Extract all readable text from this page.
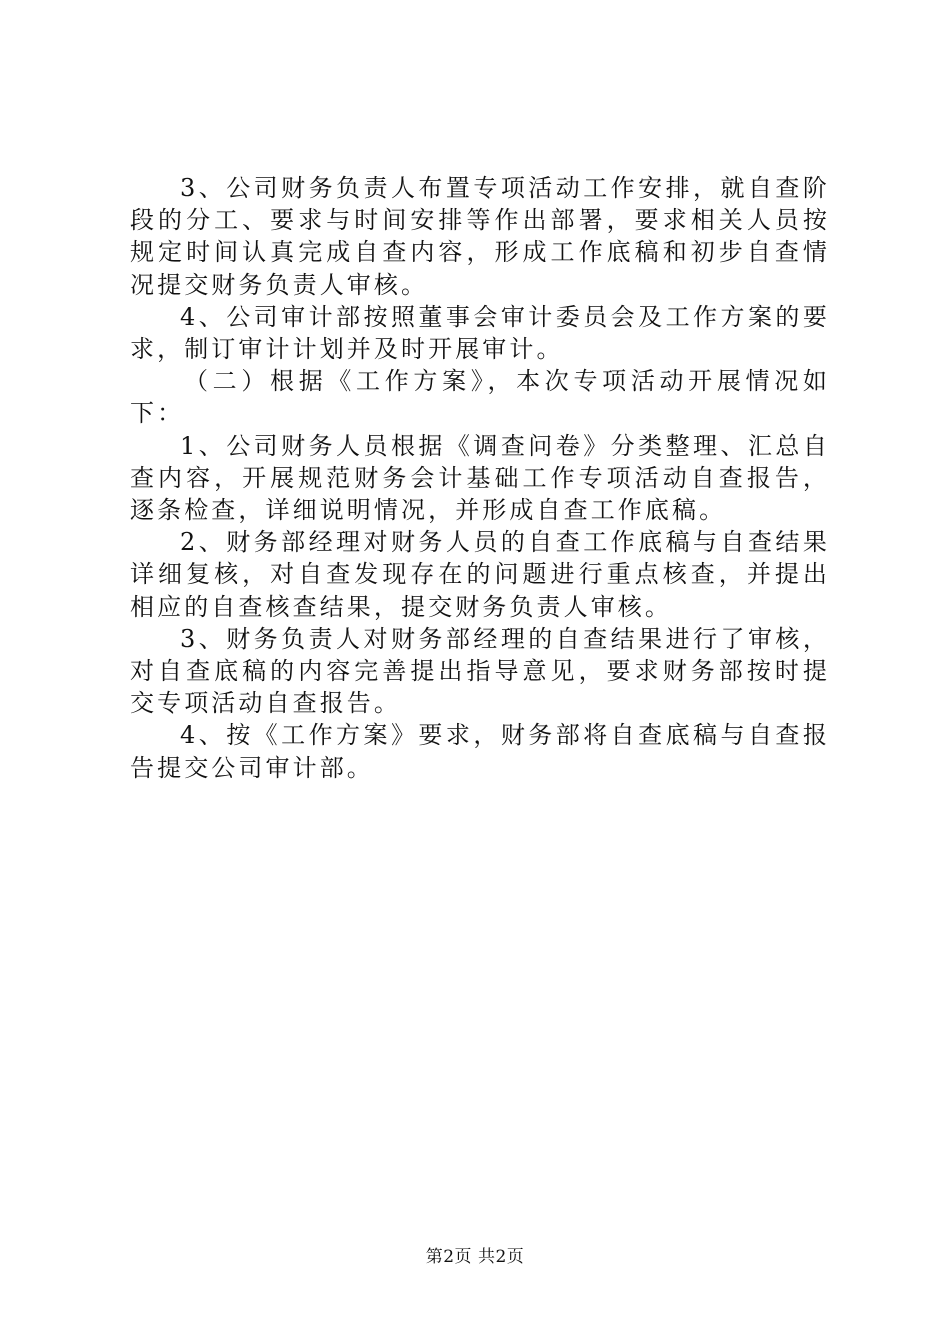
3、公司财务负责人布置专项活动工作安排，就自查阶段的分工、要求与时间安排等作出部署，要求相关人员按规定时间认真完成自查内容，形成工作底稿和初步自查情况提交财务负责人审核。

4、公司审计部按照董事会审计委员会及工作方案的要求，制订审计计划并及时开展审计。

（二）根据《工作方案》，本次专项活动开展情况如下：

1、公司财务人员根据《调查问卷》分类整理、汇总自查内容，开展规范财务会计基础工作专项活动自查报告，逐条检查，详细说明情况，并形成自查工作底稿。

2、财务部经理对财务人员的自查工作底稿与自查结果详细复核，对自查发现存在的问题进行重点核查，并提出相应的自查核查结果，提交财务负责人审核。

3、财务负责人对财务部经理的自查结果进行了审核，对自查底稿的内容完善提出指导意见，要求财务部按时提交专项活动自查报告。

4、按《工作方案》要求，财务部将自查底稿与自查报告提交公司审计部。

第2页 共2页
